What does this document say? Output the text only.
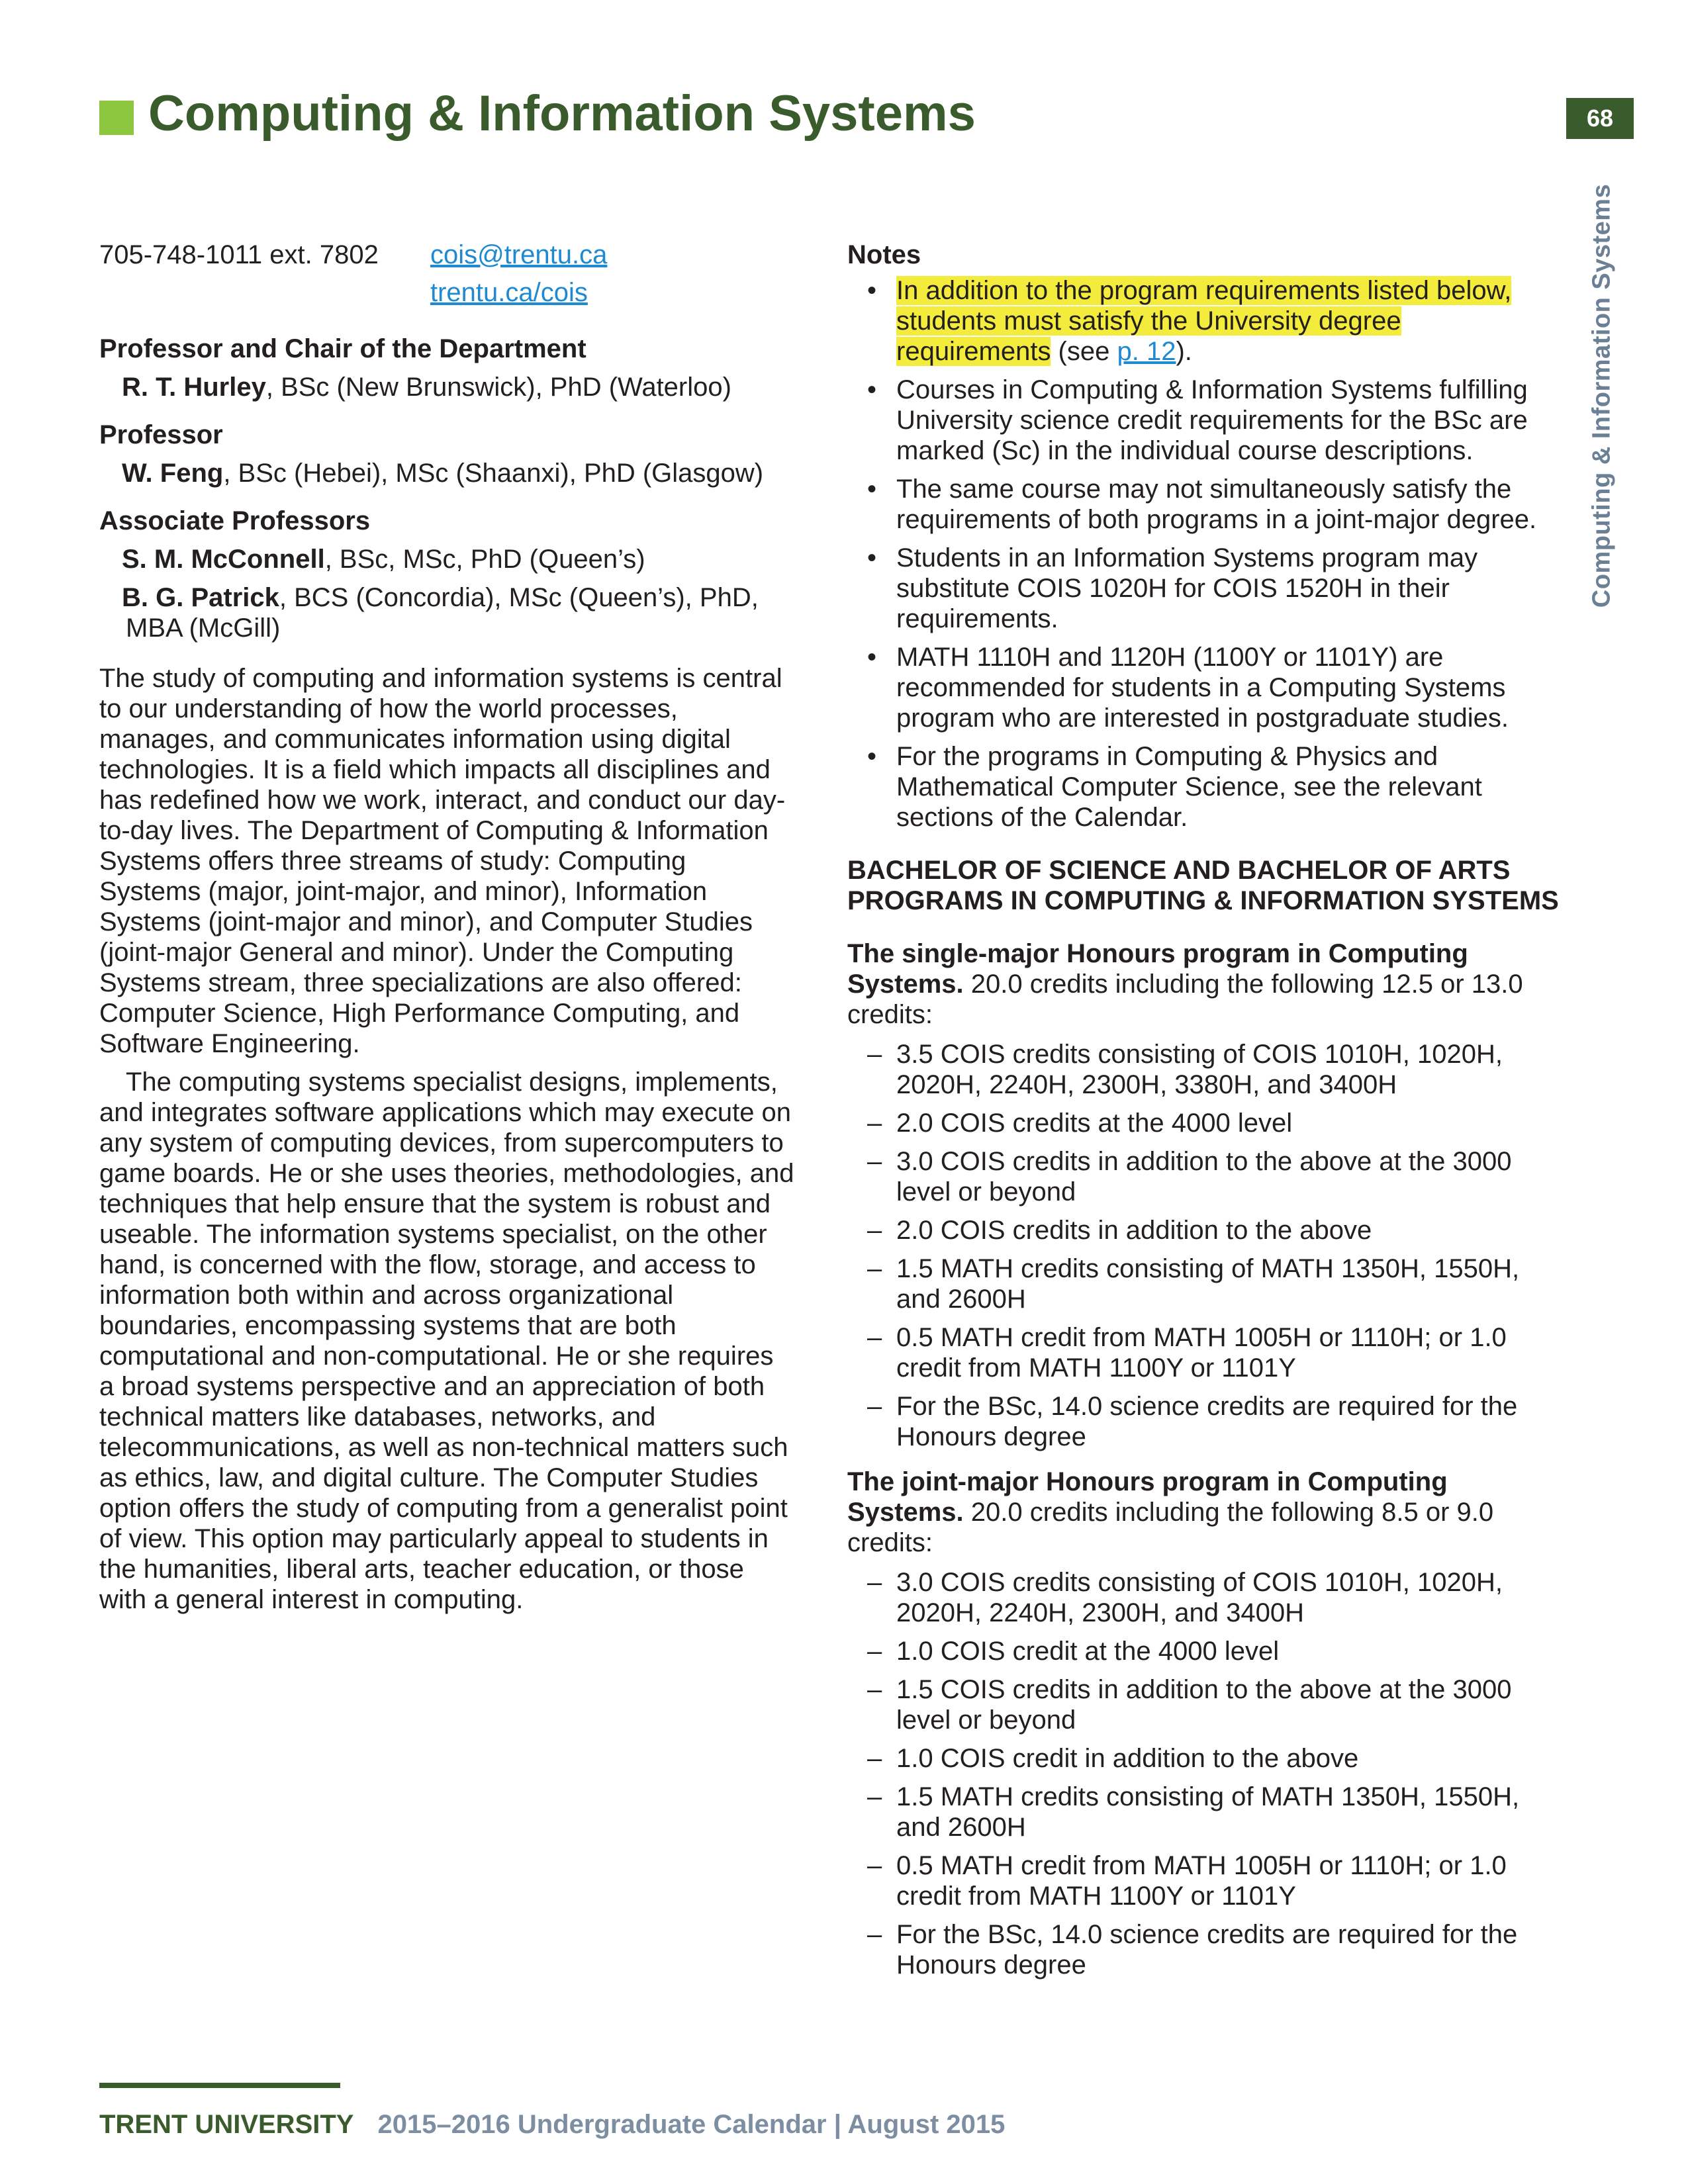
Computing & Information Systems	68
Computing & Information Systems
705-748-1011 ext. 7802 cois@trentu.ca
trentu.ca/cois
Professor and Chair of the Department
R. T. Hurley, BSc (New Brunswick), PhD (Waterloo)
Professor
W. Feng, BSc (Hebei), MSc (Shaanxi), PhD (Glasgow)
Associate Professors
S. M. McConnell, BSc, MSc, PhD (Queen’s)
B. G. Patrick, BCS (Concordia), MSc (Queen’s), PhD, MBA (McGill)

The study of computing and information systems is central to our understanding of how the world processes, manages, and communicates information using digital technologies. It is a field which impacts all disciplines and has redefined how we work, interact, and conduct our day-to-day lives. The Department of Computing & Information Systems offers three streams of study: Computing Systems (major, joint-major, and minor), Information Systems (joint-major and minor), and Computer Studies (joint-major General and minor). Under the Computing Systems stream, three specializations are also offered: Computer Science, High Performance Computing, and Software Engineering.

The computing systems specialist designs, implements, and integrates software applications which may execute on any system of computing devices, from supercomputers to game boards. He or she uses theories, methodologies, and techniques that help ensure that the system is robust and useable. The information systems specialist, on the other hand, is concerned with the flow, storage, and access to information both within and across organizational boundaries, encompassing systems that are both computational and non-computational. He or she requires a broad systems perspective and an appreciation of both technical matters like databases, networks, and telecommunications, as well as non-technical matters such as ethics, law, and digital culture. The Computer Studies option offers the study of computing from a generalist point of view. This option may particularly appeal to students in the humanities, liberal arts, teacher education, or those with a general interest in computing.

Notes
• In addition to the program requirements listed below, students must satisfy the University degree requirements (see p. 12).
• Courses in Computing & Information Systems fulfilling University science credit requirements for the BSc are marked (Sc) in the individual course descriptions.
• The same course may not simultaneously satisfy the requirements of both programs in a joint-major degree.
• Students in an Information Systems program may substitute COIS 1020H for COIS 1520H in their requirements.
• MATH 1110H and 1120H (1100Y or 1101Y) are recommended for students in a Computing Systems program who are interested in postgraduate studies.
• For the programs in Computing & Physics and Mathematical Computer Science, see the relevant sections of the Calendar.
BACHELOR OF SCIENCE AND BACHELOR OF ARTS PROGRAMS IN COMPUTING & INFORMATION SYSTEMS
The single-major Honours program in Computing Systems. 20.0 credits including the following 12.5 or 13.0 credits:
– 3.5 COIS credits consisting of COIS 1010H, 1020H, 2020H, 2240H, 2300H, 3380H, and 3400H
– 2.0 COIS credits at the 4000 level
– 3.0 COIS credits in addition to the above at the 3000 level or beyond
– 2.0 COIS credits in addition to the above
– 1.5 MATH credits consisting of MATH 1350H, 1550H, and 2600H
– 0.5 MATH credit from MATH 1005H or 1110H; or 1.0 credit from MATH 1100Y or 1101Y
– For the BSc, 14.0 science credits are required for the Honours degree
The joint-major Honours program in Computing Systems. 20.0 credits including the following 8.5 or 9.0 credits:
– 3.0 COIS credits consisting of COIS 1010H, 1020H, 2020H, 2240H, 2300H, and 3400H
– 1.0 COIS credit at the 4000 level
– 1.5 COIS credits in addition to the above at the 3000 level or beyond
– 1.0 COIS credit in addition to the above
– 1.5 MATH credits consisting of MATH 1350H, 1550H, and 2600H
– 0.5 MATH credit from MATH 1005H or 1110H; or 1.0 credit from MATH 1100Y or 1101Y
– For the BSc, 14.0 science credits are required for the Honours degree
TRENT UNIVERSITY 2015–2016 Undergraduate Calendar | August 2015
